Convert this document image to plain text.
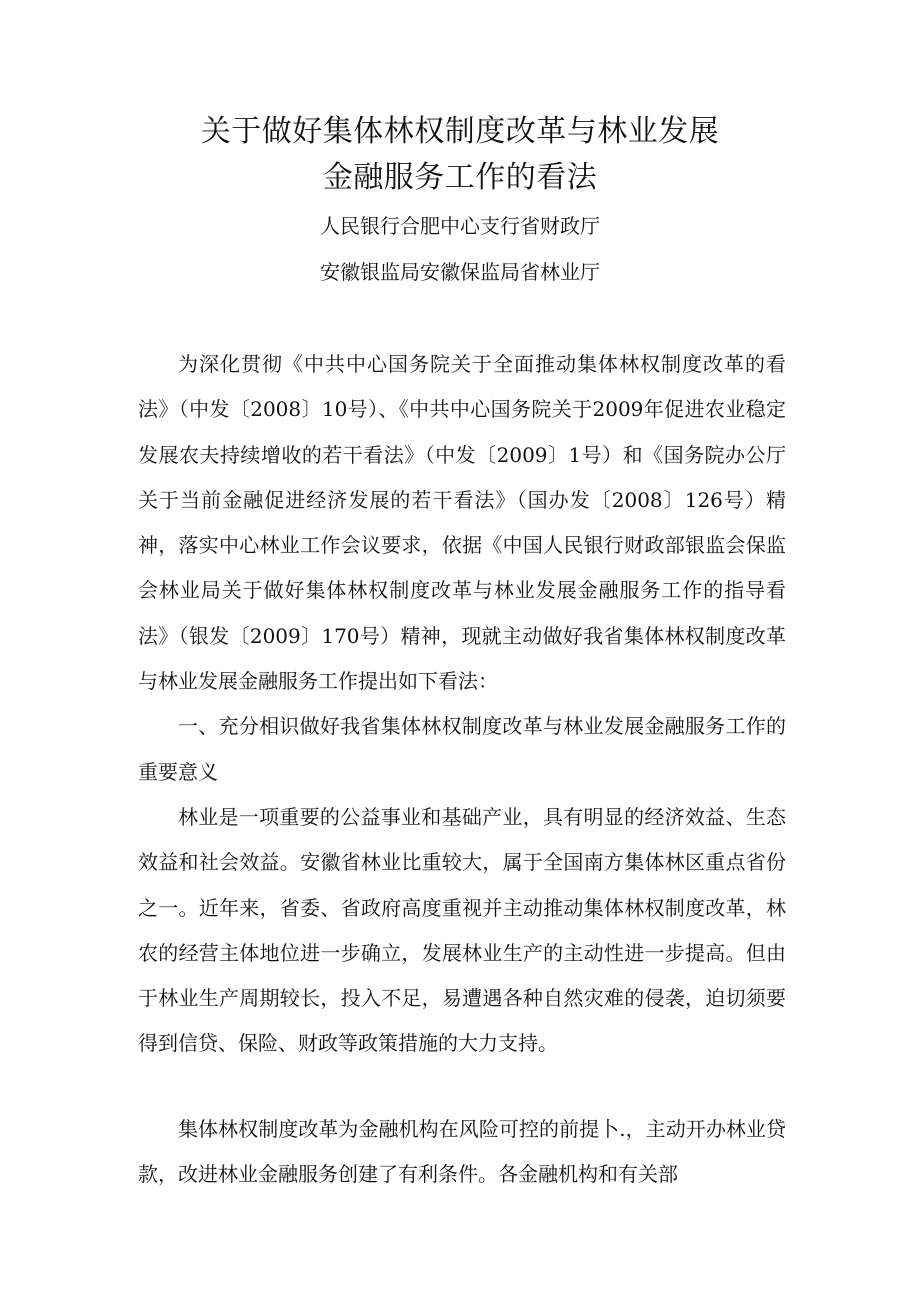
关于做好集体林权制度改革与林业发展
金融服务工作的看法
人民银行合肥中心支行省财政厅
安徽银监局安徽保监局省林业厅

为深化贯彻《中共中心国务院关于全面推动集体林权制度改革的看法》（中发〔2008〕10号）、《中共中心国务院关于2009年促进农业稳定发展农夫持续增收的若干看法》（中发〔2009〕1号）和《国务院办公厅关于当前金融促进经济发展的若干看法》（国办发〔2008〕126号）精神，落实中心林业工作会议要求，依据《中国人民银行财政部银监会保监会林业局关于做好集体林权制度改革与林业发展金融服务工作的指导看法》（银发〔2009〕170号）精神，现就主动做好我省集体林权制度改革与林业发展金融服务工作提出如下看法：

一、充分相识做好我省集体林权制度改革与林业发展金融服务工作的重要意义

林业是一项重要的公益事业和基础产业，具有明显的经济效益、生态效益和社会效益。安徽省林业比重较大，属于全国南方集体林区重点省份之一。近年来，省委、省政府高度重视并主动推动集体林权制度改革，林农的经营主体地位进一步确立，发展林业生产的主动性进一步提高。但由于林业生产周期较长，投入不足，易遭遇各种自然灾难的侵袭，迫切须要得到信贷、保险、财政等政策措施的大力支持。

集体林权制度改革为金融机构在风险可控的前提卜.，主动开办林业贷款，改进林业金融服务创建了有利条件。各金融机构和有关部
